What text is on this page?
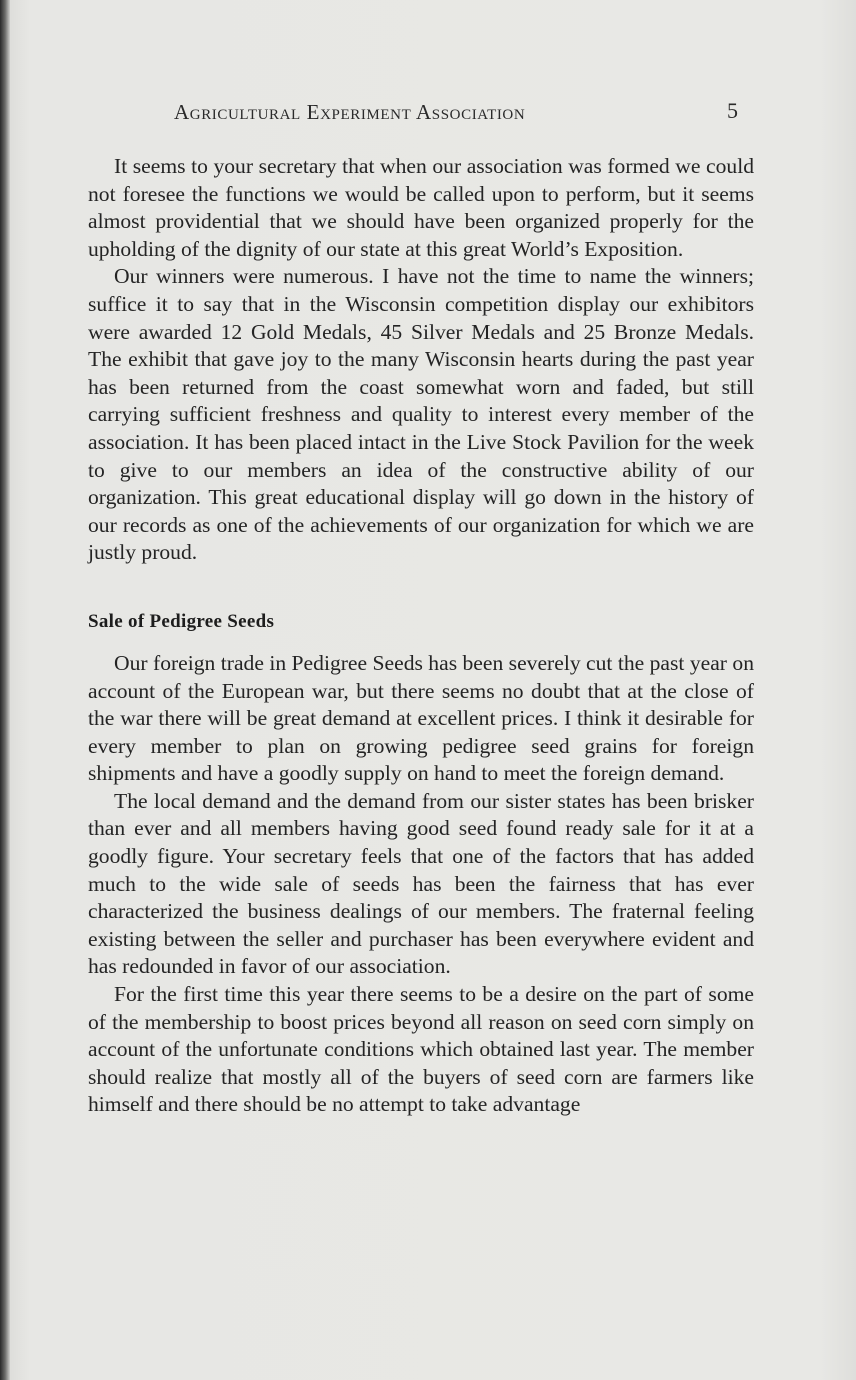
Agricultural Experiment Association	5

It seems to your secretary that when our association was formed we could not foresee the functions we would be called upon to perform, but it seems almost providential that we should have been organized properly for the upholding of the dignity of our state at this great World’s Exposition.

Our winners were numerous. I have not the time to name the winners; suffice it to say that in the Wisconsin competition display our exhibitors were awarded 12 Gold Medals, 45 Silver Medals and 25 Bronze Medals. The exhibit that gave joy to the many Wisconsin hearts during the past year has been returned from the coast somewhat worn and faded, but still carrying sufficient freshness and quality to interest every member of the association. It has been placed intact in the Live Stock Pavilion for the week to give to our members an idea of the constructive ability of our organization. This great educational display will go down in the history of our records as one of the achievements of our organization for which we are justly proud.

Sale of Pedigree Seeds

Our foreign trade in Pedigree Seeds has been severely cut the past year on account of the European war, but there seems no doubt that at the close of the war there will be great demand at excellent prices. I think it desirable for every member to plan on growing pedigree seed grains for foreign shipments and have a goodly supply on hand to meet the foreign demand.

The local demand and the demand from our sister states has been brisker than ever and all members having good seed found ready sale for it at a goodly figure. Your secretary feels that one of the factors that has added much to the wide sale of seeds has been the fairness that has ever characterized the business dealings of our members. The fraternal feeling existing between the seller and purchaser has been everywhere evident and has redounded in favor of our association.

For the first time this year there seems to be a desire on the part of some of the membership to boost prices beyond all reason on seed corn simply on account of the unfortunate conditions which obtained last year. The member should realize that mostly all of the buyers of seed corn are farmers like himself and there should be no attempt to take advantage
